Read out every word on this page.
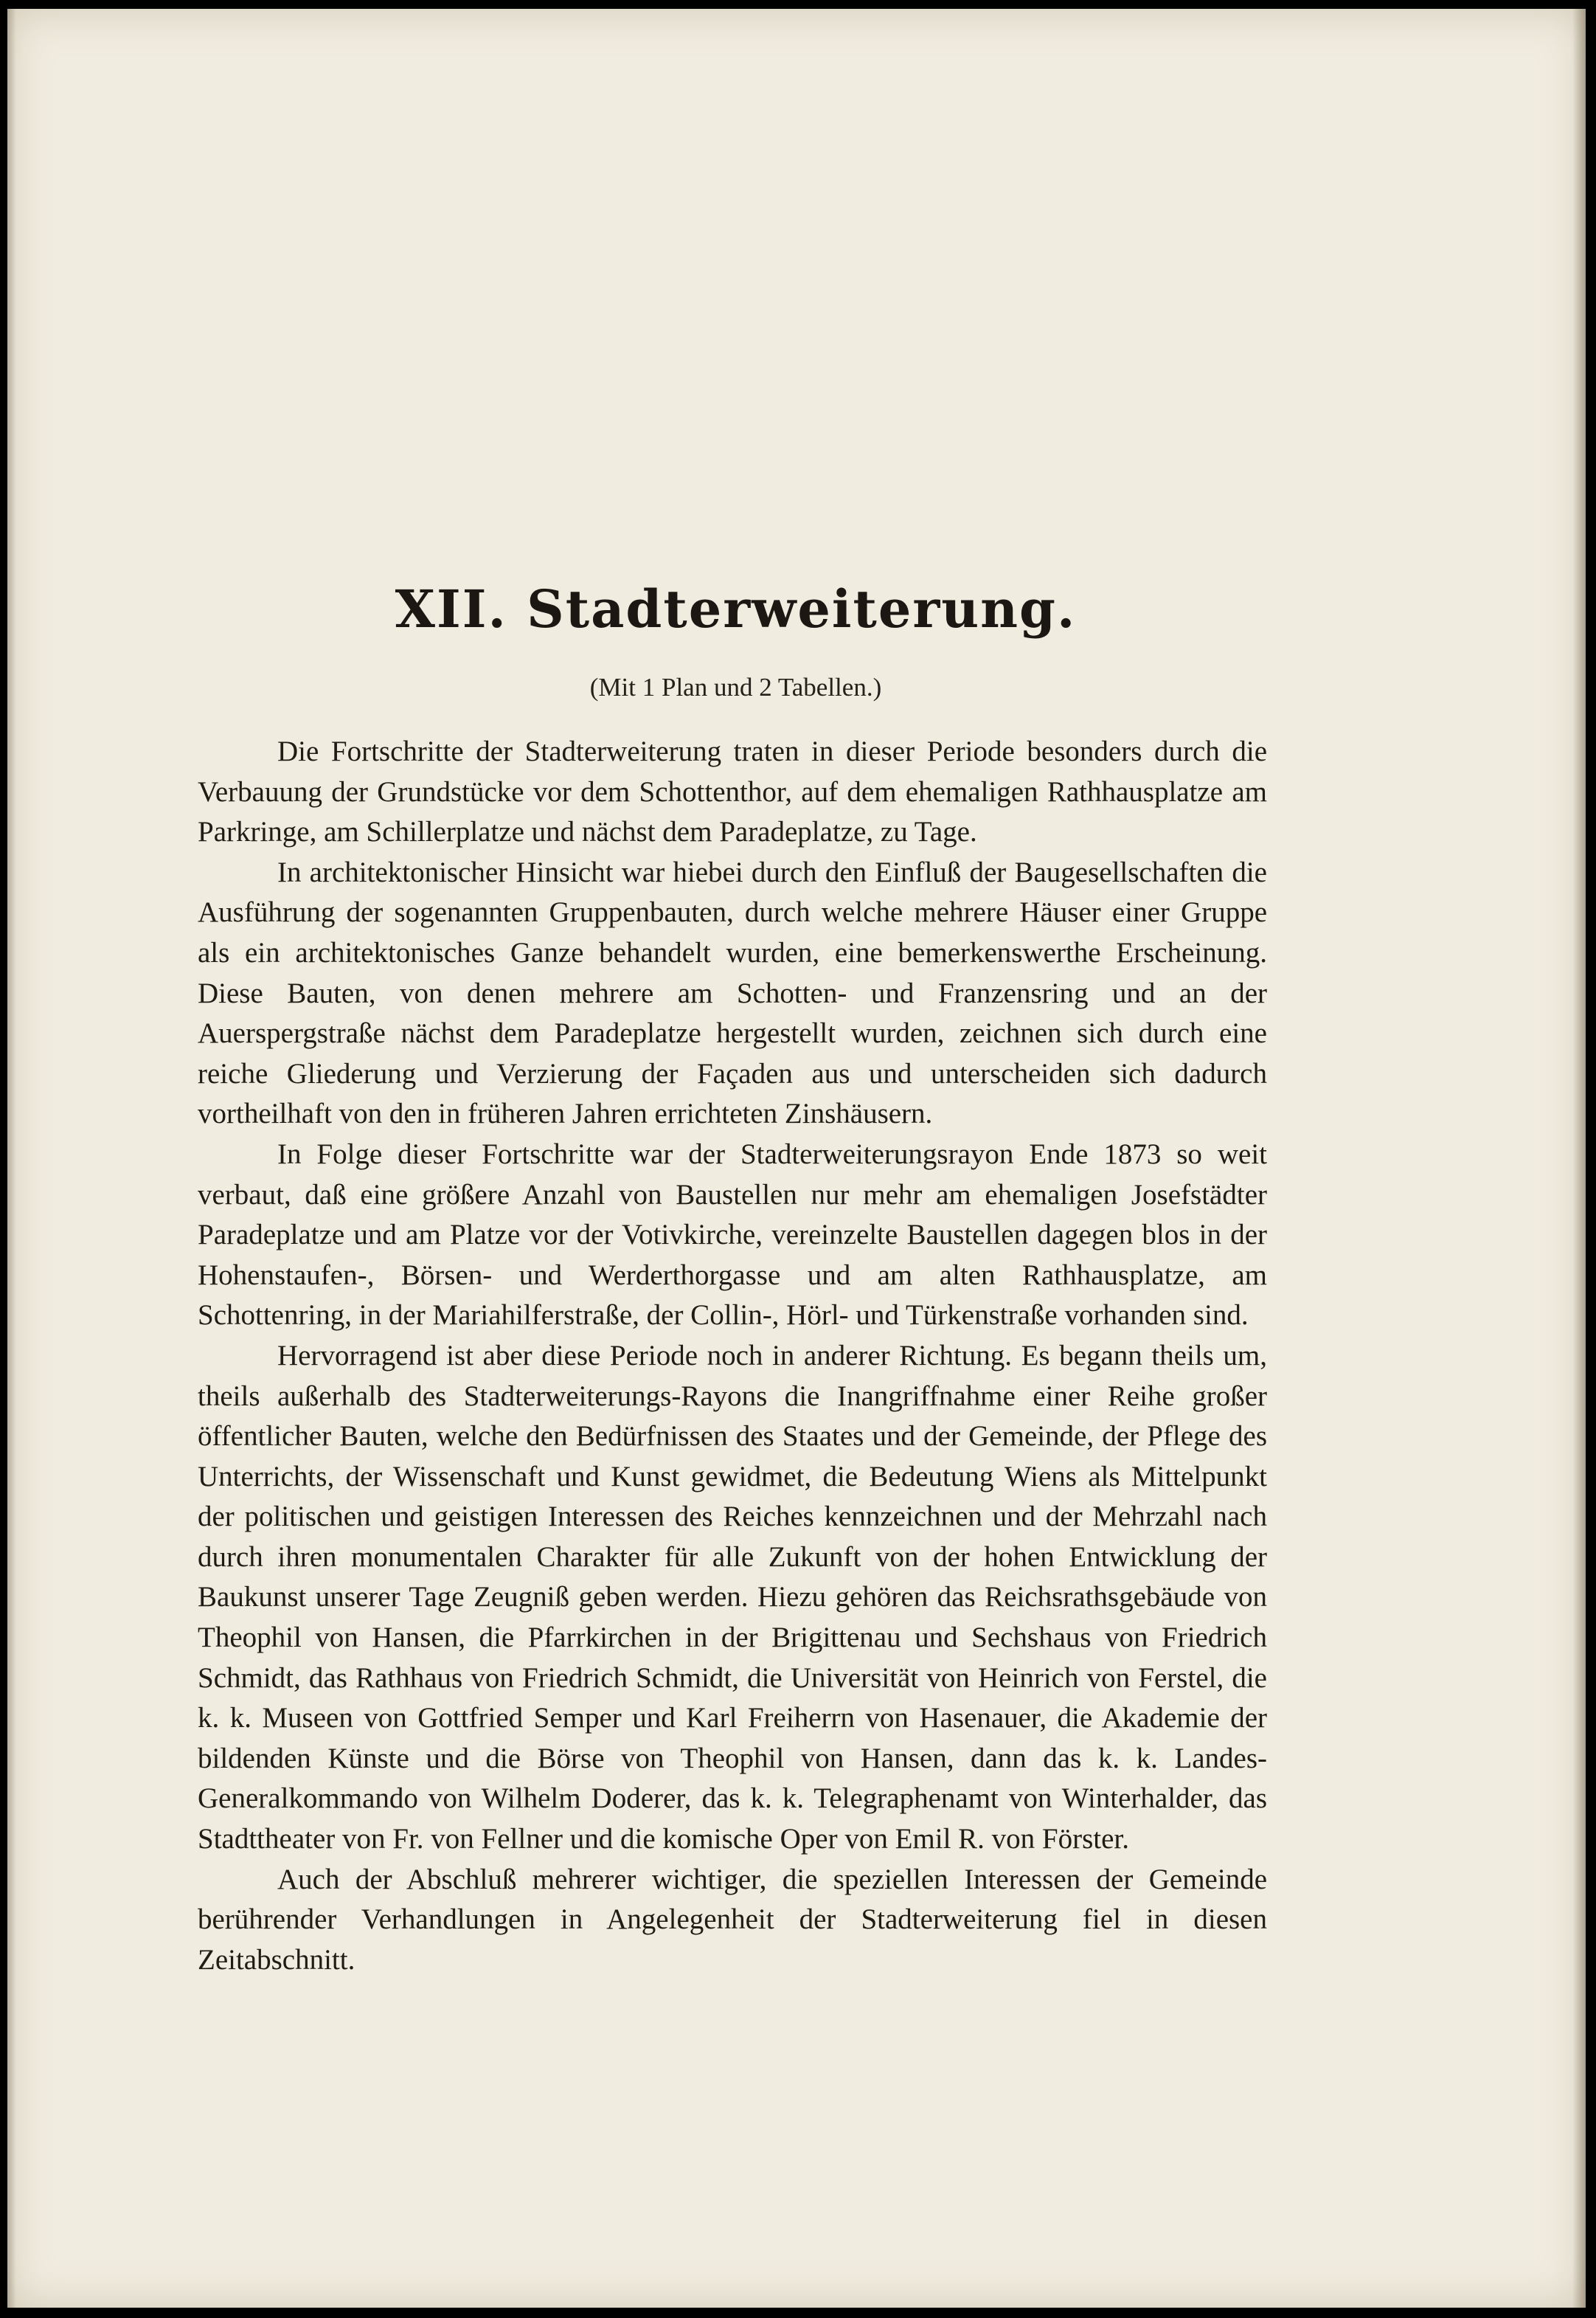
XII. Stadterweiterung.
(Mit 1 Plan und 2 Tabellen.)

Die Fortschritte der Stadterweiterung traten in dieser Periode besonders durch die Verbauung der Grundstücke vor dem Schottenthor, auf dem ehemaligen Rathhausplatze am Parkringe, am Schillerplatze und nächst dem Paradeplatze, zu Tage.

In architektonischer Hinsicht war hiebei durch den Einfluß der Baugesellschaften die Ausführung der sogenannten Gruppenbauten, durch welche mehrere Häuser einer Gruppe als ein architektonisches Ganze behandelt wurden, eine bemerkenswerthe Erscheinung. Diese Bauten, von denen mehrere am Schotten- und Franzensring und an der Auerspergstraße nächst dem Paradeplatze hergestellt wurden, zeichnen sich durch eine reiche Gliederung und Verzierung der Façaden aus und unterscheiden sich dadurch vortheilhaft von den in früheren Jahren errichteten Zinshäusern.

In Folge dieser Fortschritte war der Stadterweiterungsrayon Ende 1873 so weit verbaut, daß eine größere Anzahl von Baustellen nur mehr am ehemaligen Josefstädter Paradeplatze und am Platze vor der Votivkirche, vereinzelte Baustellen dagegen blos in der Hohenstaufen-, Börsen- und Werderthorgasse und am alten Rathhausplatze, am Schottenring, in der Mariahilferstraße, der Collin-, Hörl- und Türkenstraße vorhanden sind.

Hervorragend ist aber diese Periode noch in anderer Richtung. Es begann theils um, theils außerhalb des Stadterweiterungs-Rayons die Inangriffnahme einer Reihe großer öffentlicher Bauten, welche den Bedürfnissen des Staates und der Gemeinde, der Pflege des Unterrichts, der Wissenschaft und Kunst gewidmet, die Bedeutung Wiens als Mittelpunkt der politischen und geistigen Interessen des Reiches kennzeichnen und der Mehrzahl nach durch ihren monumentalen Charakter für alle Zukunft von der hohen Entwicklung der Baukunst unserer Tage Zeugniß geben werden. Hiezu gehören das Reichsrathsgebäude von Theophil von Hansen, die Pfarrkirchen in der Brigittenau und Sechshaus von Friedrich Schmidt, das Rathhaus von Friedrich Schmidt, die Universität von Heinrich von Ferstel, die k. k. Museen von Gottfried Semper und Karl Freiherrn von Hasenauer, die Akademie der bildenden Künste und die Börse von Theophil von Hansen, dann das k. k. Landes-Generalkommando von Wilhelm Doderer, das k. k. Telegraphenamt von Winterhalder, das Stadttheater von Fr. von Fellner und die komische Oper von Emil R. von Förster.

Auch der Abschluß mehrerer wichtiger, die speziellen Interessen der Gemeinde berührender Verhandlungen in Angelegenheit der Stadterweiterung fiel in diesen Zeitabschnitt.
